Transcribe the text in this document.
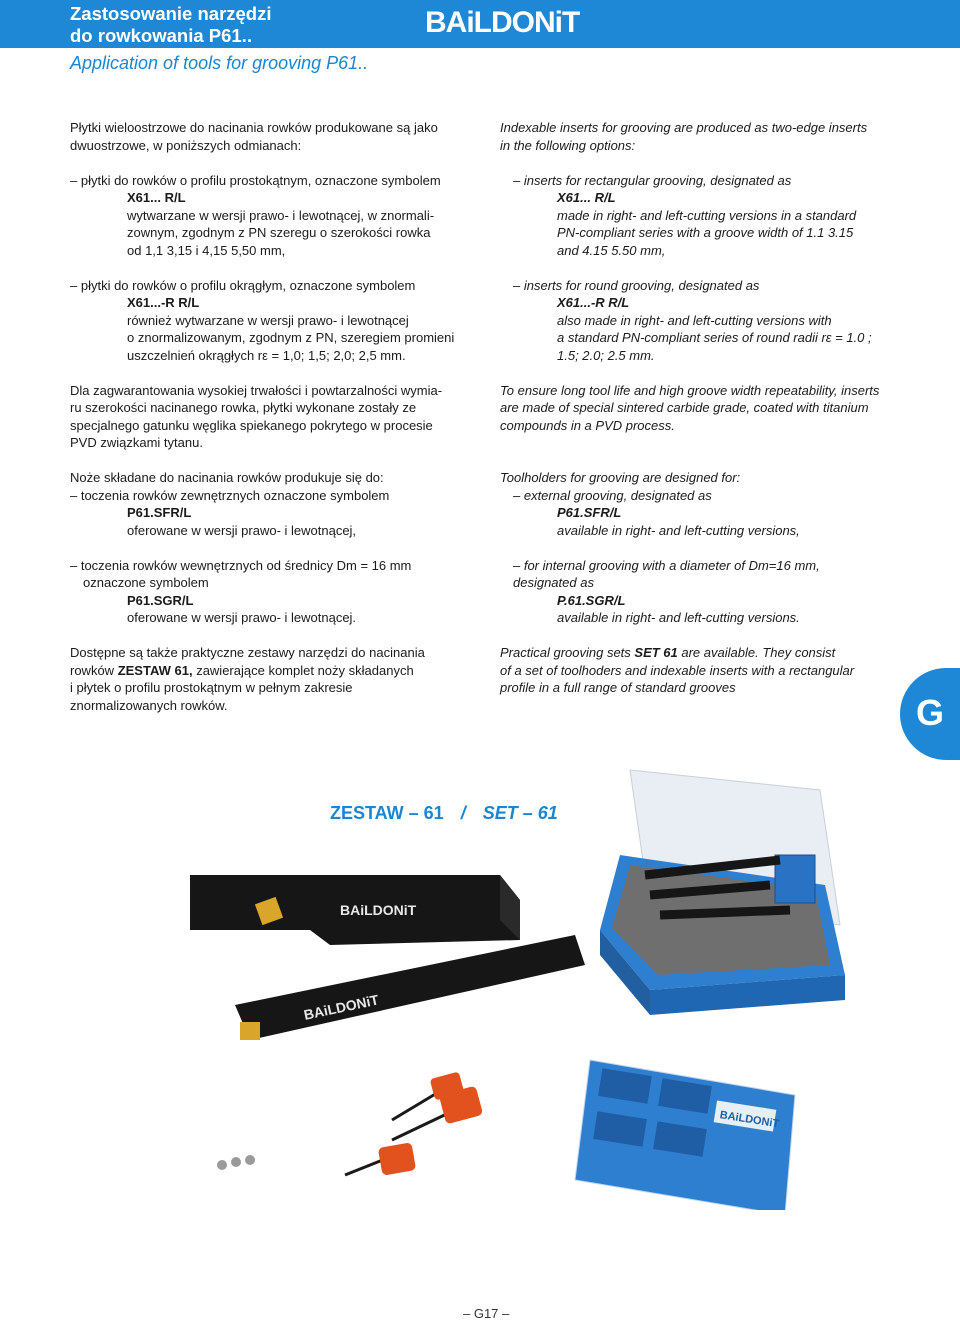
Zastosowanie narzędzi
do rowkowania P61..	BAiLDONiT
Application of tools for grooving P61..

Płytki wieloostrzowe do nacinania rowków produkowane są jako

dwuostrzowe, w poniższych odmianach:

– płytki do rowków o profilu prostokątnym, oznaczone symbolem

X61... R/L

wytwarzane w wersji prawo- i lewotnącej, w znormali-

zownym, zgodnym z PN szeregu o szerokości rowka

od 1,1 3,15 i 4,15 5,50 mm,

– płytki do rowków o profilu okrągłym, oznaczone symbolem

X61...-R R/L

również wytwarzane w wersji prawo- i lewotnącej

o znormalizowanym, zgodnym z PN, szeregiem promieni

uszczelnień okrągłych rε = 1,0; 1,5; 2,0; 2,5 mm.

Dla zagwarantowania wysokiej trwałości i powtarzalności wymia-

ru szerokości nacinanego rowka, płytki wykonane zostały ze

specjalnego gatunku węglika spiekanego pokrytego w procesie

PVD związkami tytanu.

Noże składane do nacinania rowków produkuje się do:

– toczenia rowków zewnętrznych oznaczone symbolem

P61.SFR/L

oferowane w wersji prawo- i lewotnącej,

– toczenia rowków wewnętrznych od średnicy Dm = 16 mm

oznaczone symbolem

P61.SGR/L

oferowane w wersji prawo- i lewotnącej.

Dostępne są także praktyczne zestawy narzędzi do nacinania

rowków ZESTAW 61, zawierające komplet noży składanych

i płytek o profilu prostokątnym w pełnym zakresie

znormalizowanych rowków.

Indexable inserts for grooving are produced as two-edge inserts

in the following options:

– inserts for rectangular grooving, designated as

X61... R/L

made in right- and left-cutting versions in a standard

PN-compliant series with a groove width of 1.1 3.15

and 4.15 5.50 mm,

– inserts for round grooving, designated as

X61...-R R/L

also made in right- and left-cutting versions with

a standard PN-compliant series of round radii rε = 1.0 ;

1.5; 2.0; 2.5 mm.

To ensure long tool life and high groove width repeatability, inserts

are made of special sintered carbide grade, coated with titanium

compounds in a PVD process.

Toolholders for grooving are designed for:

– external grooving, designated as

P61.SFR/L

available in right- and left-cutting versions,

– for internal grooving with a diameter of Dm=16 mm,

designated as

P.61.SGR/L

available in right- and left-cutting versions.

Practical grooving sets SET 61 are available. They consist

of a set of toolhoders and indexable inserts with a rectangular

profile in a full range of standard grooves

G
ZESTAW – 61 / SET – 61
BAiLDONiT
BAiLDONiT
BAiLDONiT
– G17 –
